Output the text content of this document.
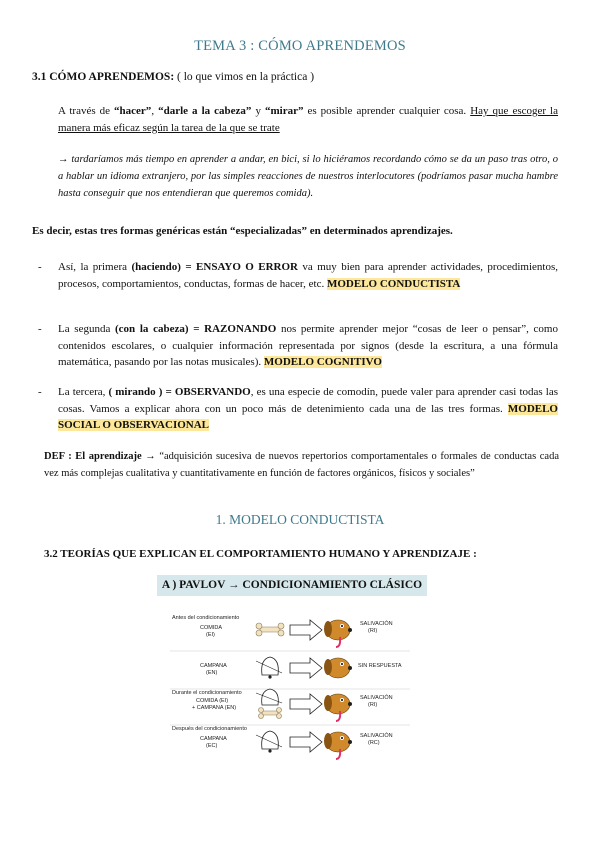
TEMA 3 : CÓMO APRENDEMOS
3.1 CÓMO APRENDEMOS: ( lo que vimos en la práctica )
A través de “hacer”, “darle a la cabeza” y “mirar” es posible aprender cualquier cosa. Hay que escoger la manera más eficaz según la tarea de la que se trate
→ tardaríamos más tiempo en aprender a andar, en bici, si lo hiciéramos recordando cómo se da un paso tras otro, o a hablar un idioma extranjero, por las simples reacciones de nuestros interlocutores (podríamos pasar mucha hambre hasta conseguir que nos entendieran que queremos comida).
Es decir, estas tres formas genéricas están “especializadas” en determinados aprendizajes.
- Así, la primera (haciendo) = ENSAYO O ERROR va muy bien para aprender actividades, procedimientos, procesos, comportamientos, conductas, formas de hacer, etc. MODELO CONDUCTISTA
- La segunda (con la cabeza) = RAZONANDO nos permite aprender mejor “cosas de leer o pensar”, como contenidos escolares, o cualquier información representada por signos (desde la escritura, a una fórmula matemática, pasando por las notas musicales). MODELO COGNITIVO
- La tercera, ( mirando ) = OBSERVANDO, es una especie de comodín, puede valer para aprender casi todas las cosas. Vamos a explicar ahora con un poco más de detenimiento cada una de las tres formas. MODELO SOCIAL O OBSERVACIONAL
DEF : El aprendizaje → “adquisición sucesiva de nuevos repertorios comportamentales o formales de conductas cada vez más complejas cualitativa y cuantitativamente en función de factores orgánicos, físicos y sociales”
1. MODELO CONDUCTISTA
3.2 TEORÍAS QUE EXPLICAN EL COMPORTAMIENTO HUMANO Y APRENDIZAJE :
A ) PAVLOV → CONDICIONAMIENTO CLÁSICO
Antes del condicionamiento
COMIDA
(EI)
SALIVACIÓN
(RI)
CAMPANA
(EN)
SIN RESPUESTA
Durante el condicionamiento
COMIDA (EI)
+ CAMPANA (EN)
SALIVACIÓN
(RI)
Después del condicionamiento
CAMPANA
(EC)
SALIVACIÓN
(RC)
